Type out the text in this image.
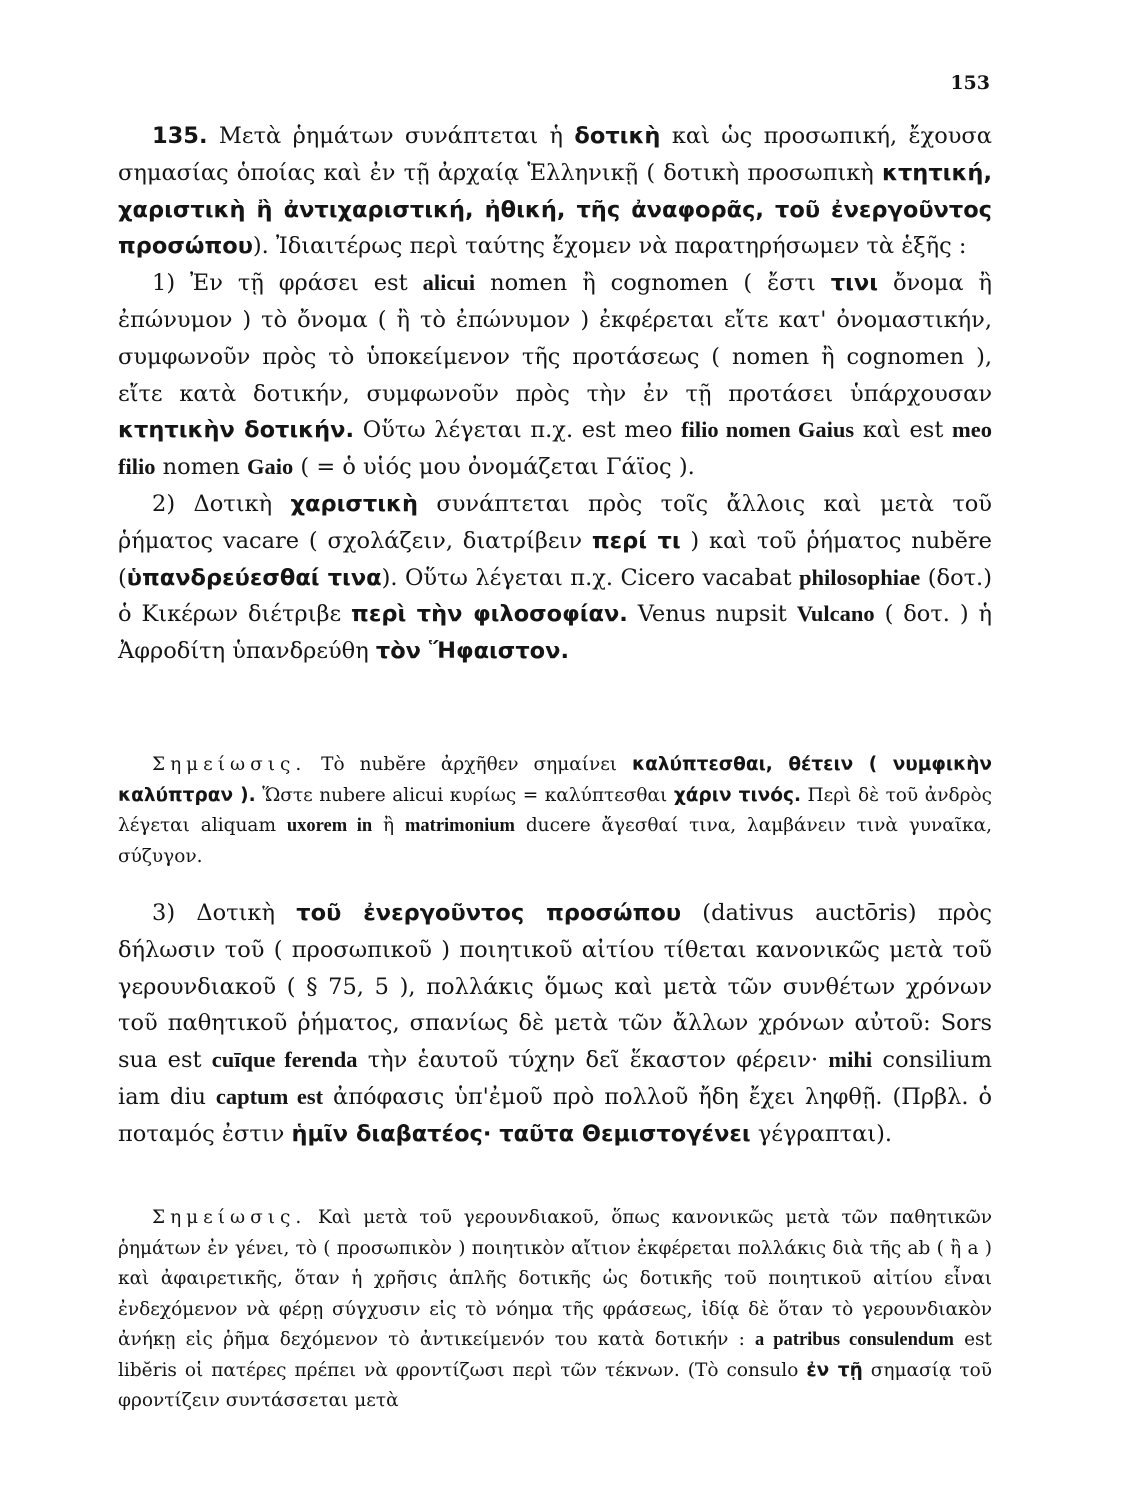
153

135. Μετὰ ῥημάτων συνάπτεται ἡ δοτικὴ καὶ ὡς προσωπική, ἔχουσα σημασίας ὁποίας καὶ ἐν τῇ ἀρχαίᾳ Ἑλληνικῇ ( δοτικὴ προσωπικὴ κτητική, χαριστικὴ ἢ ἀντιχαριστική, ἠθική, τῆς ἀναφορᾶς, τοῦ ἐνεργοῦντος προσώπου). Ἰδιαιτέρως περὶ ταύτης ἔχομεν νὰ παρατηρήσωμεν τὰ ἑξῆς :

1) Ἐν τῇ φράσει est alicui nomen ἢ cognomen ( ἔστι τινι ὄνομα ἢ ἐπώνυμον ) τὸ ὄνομα ( ἢ τὸ ἐπώνυμον ) ἐκφέρεται εἴτε κατ' ὀνομαστικήν, συμφωνοῦν πρὸς τὸ ὑποκείμενον τῆς προτάσεως ( nomen ἢ cognomen ), εἴτε κατὰ δοτικήν, συμφωνοῦν πρὸς τὴν ἐν τῇ προτάσει ὑπάρχουσαν κτητικὴν δοτικήν. Οὕτω λέγεται π.χ. est meo filio nomen Gaius καὶ est meo filio nomen Gaio ( = ὁ υἱός μου ὀνομάζεται Γάϊος ).

2) Δοτικὴ χαριστικὴ συνάπτεται πρὸς τοῖς ἄλλοις καὶ μετὰ τοῦ ῥήματος vacare ( σχολάζειν, διατρίβειν περί τι ) καὶ τοῦ ῥήματος nubĕre (ὑπανδρεύεσθαί τινα). Οὕτω λέγεται π.χ. Cicero vacabat philosophiae (δοτ.) ὁ Κικέρων διέτριβε περὶ τὴν φιλοσοφίαν. Venus nupsit Vulcano ( δοτ. ) ἡ Ἀφροδίτη ὑπανδρεύθη τὸν Ἥφαιστον.

Σημείωσις. Τὸ nubĕre ἀρχῆθεν σημαίνει καλύπτεσθαι, θέτειν ( νυμφικὴν καλύπτραν ). Ὥστε nubere alicui κυρίως = καλύπτεσθαι χάριν τινός. Περὶ δὲ τοῦ ἀνδρὸς λέγεται aliquam uxorem in ἢ matrimonium ducere ἄγεσθαί τινα, λαμβάνειν τινὰ γυναῖκα, σύζυγον.

3) Δοτικὴ τοῦ ἐνεργοῦντος προσώπου (dativus auctōris) πρὸς δήλωσιν τοῦ ( προσωπικοῦ ) ποιητικοῦ αἰτίου τίθεται κανονικῶς μετὰ τοῦ γερουνδιακοῦ ( § 75, 5 ), πολλάκις ὅμως καὶ μετὰ τῶν συνθέτων χρόνων τοῦ παθητικοῦ ῥήματος, σπανίως δὲ μετὰ τῶν ἄλλων χρόνων αὐτοῦ: Sors sua est cuīque ferenda τὴν ἑαυτοῦ τύχην δεῖ ἕκαστον φέρειν· mihi consilium iam diu captum est ἀπόφασις ὑπ'ἐμοῦ πρὸ πολλοῦ ἤδη ἔχει ληφθῇ. (Πρβλ. ὁ ποταμός ἐστιν ἡμῖν διαβατέος· ταῦτα Θεμιστογένει γέγραπται).

Σημείωσις. Καὶ μετὰ τοῦ γερουνδιακοῦ, ὅπως κανονικῶς μετὰ τῶν παθητικῶν ῥημάτων ἐν γένει, τὸ ( προσωπικὸν ) ποιητικὸν αἴτιον ἐκφέρεται πολλάκις διὰ τῆς ab ( ἢ a ) καὶ ἀφαιρετικῆς, ὅταν ἡ χρῆσις ἁπλῆς δοτικῆς ὡς δοτικῆς τοῦ ποιητικοῦ αἰτίου εἶναι ἐνδεχόμενον νὰ φέρῃ σύγχυσιν εἰς τὸ νόημα τῆς φράσεως, ἰδίᾳ δὲ ὅταν τὸ γερουνδιακὸν ἀνήκῃ εἰς ῥῆμα δεχόμενον τὸ ἀντικείμενόν του κατὰ δοτικήν : a patribus consulendum est libĕris οἱ πατέρες πρέπει νὰ φροντίζωσι περὶ τῶν τέκνων. (Τὸ consulo ἐν τῇ σημασίᾳ τοῦ φροντίζειν συντάσσεται μετὰ
